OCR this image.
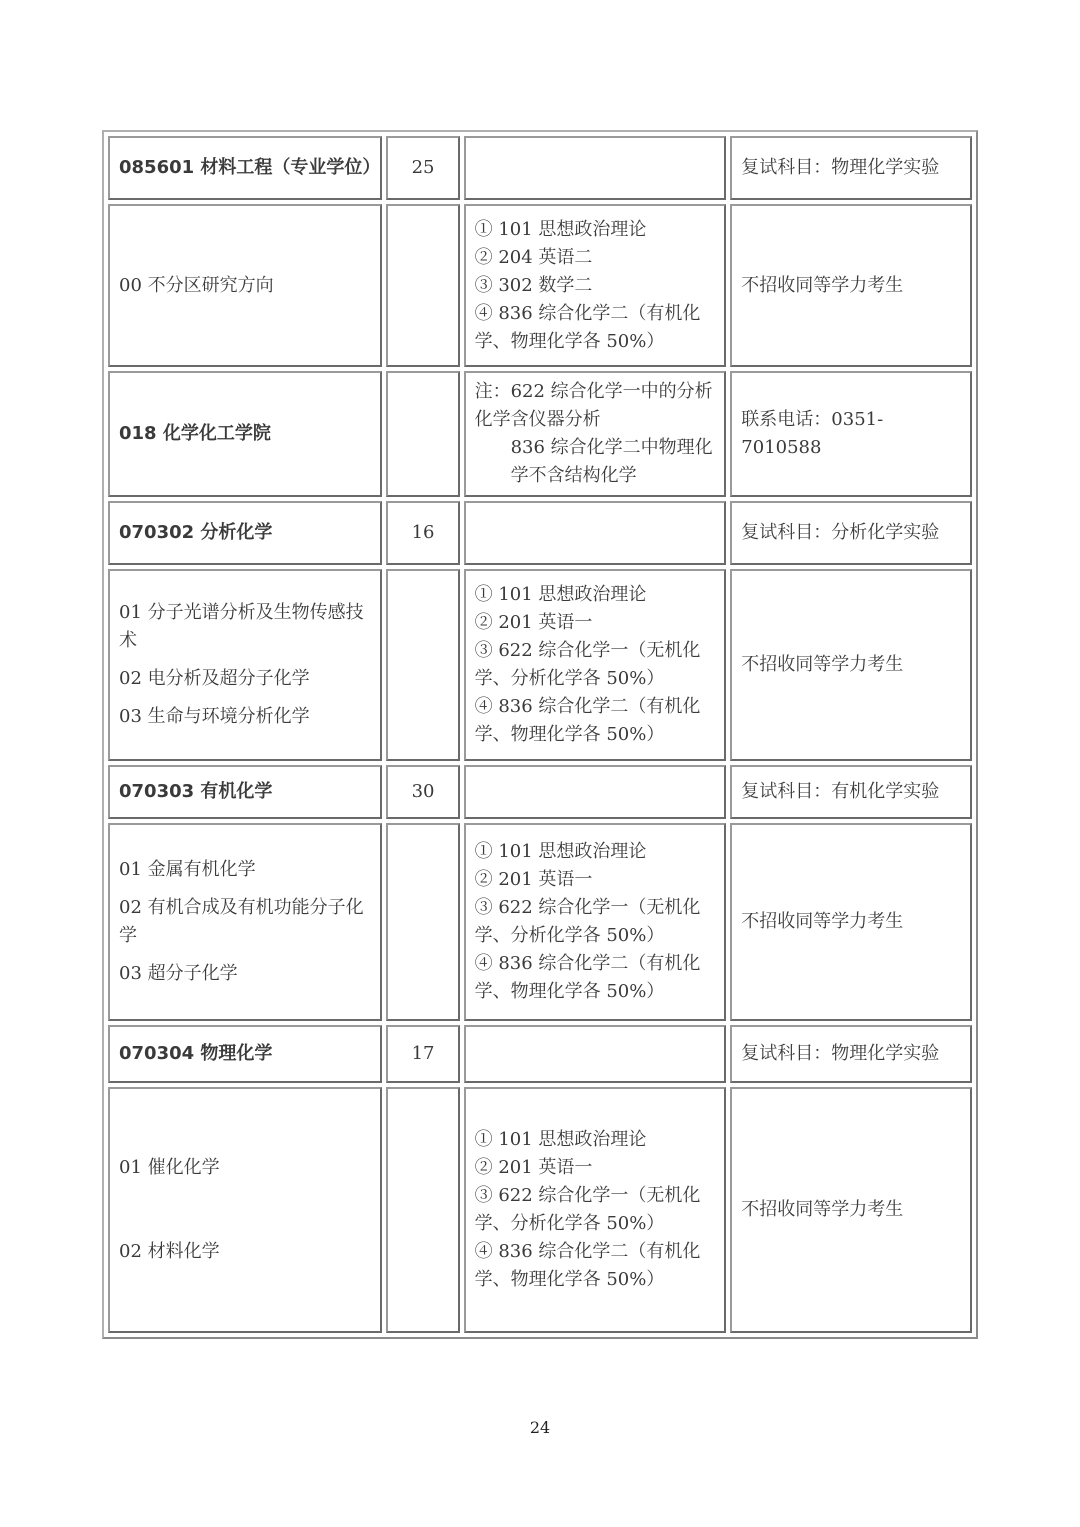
085601 材料工程（专业学位）	25		复试科目：物理化学实验
00 不分区研究方向		① 101 思想政治理论
② 204 英语二
③ 302 数学二
④ 836 综合化学二（有机化学、物理化学各 50%）	不招收同等学力考生
018 化学化工学院		注：622 综合化学一中的分析化学含仪器分析
836 综合化学二中物理化学不含结构化学	联系电话：0351-7010588
070302 分析化学	16		复试科目：分析化学实验

01 分子光谱分析及生物传感技术
02 电分析及超分子化学
03 生命与环境分析化学		① 101 思想政治理论
② 201 英语一
③ 622 综合化学一（无机化学、分析化学各 50%）
④ 836 综合化学二（有机化学、物理化学各 50%）	不招收同等学力考生
070303 有机化学	30		复试科目：有机化学实验

01 金属有机化学
02 有机合成及有机功能分子化学
03 超分子化学		① 101 思想政治理论
② 201 英语一
③ 622 综合化学一（无机化学、分析化学各 50%）
④ 836 综合化学二（有机化学、物理化学各 50%）	不招收同等学力考生
070304 物理化学	17		复试科目：物理化学实验

01 催化化学
02 材料化学		① 101 思想政治理论
② 201 英语一
③ 622 综合化学一（无机化学、分析化学各 50%）
④ 836 综合化学二（有机化学、物理化学各 50%）	不招收同等学力考生
24
